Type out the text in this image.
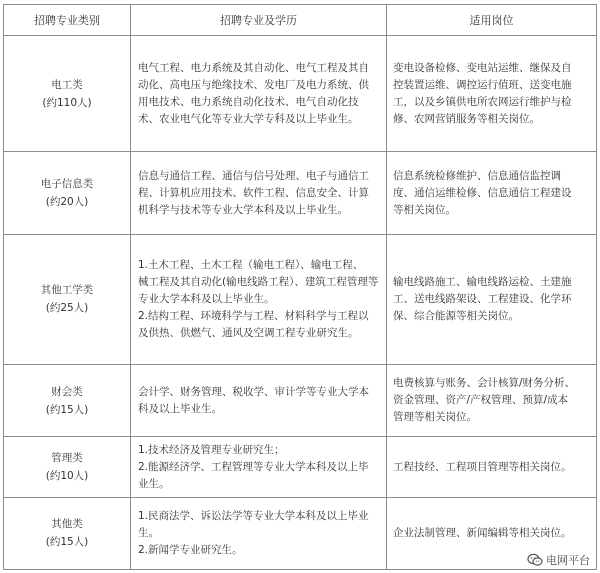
招聘专业类别	招聘专业及学历	适用岗位

电工类
(约110人)	电气工程、电力系统及其自动化、电气工程及其自
动化、高电压与绝缘技术、发电厂及电力系统、供
用电技术、电力系统自动化技术、电气自动化技
术、农业电气化等专业大学专科及以上毕业生。	变电设备检修、变电站运维、继保及自
控装置运维、调控运行值班、送变电施
工，以及乡镇供电所农网运行维护与检
修、农网营销服务等相关岗位。

电子信息类
(约20人)	信息与通信工程、通信与信号处理、电子与通信工
程、计算机应用技术、软件工程、信息安全、计算
机科学与技术等专业大学本科及以上毕业生。	信息系统检修维护、信息通信监控调
度、通信运维检修、信息通信工程建设
等相关岗位。

其他工学类
(约25人)	1.土木工程、土木工程（输电工程）、输电工程、
械工程及其自动化(输电线路工程）、建筑工程管理等
专业大学本科及以上毕业生。
2.结构工程、环境科学与工程、材料科学与工程以
及供热、供燃气、通风及空调工程专业研究生。	输电线路施工、输电线路运检、土建施
工、送电线路架设、工程建设、化学环
保、综合能源等相关岗位。

财会类
(约15人)	会计学、财务管理、税收学、审计学等专业大学本
科及以上毕业生。	电费核算与账务、会计核算/财务分析、
资金管理、资产/产权管理、预算/成本
管理等相关岗位。

管理类
(约10人)	1.技术经济及管理专业研究生；
2.能源经济学、工程管理等专业大学本科及以上毕
业生。	工程技经、工程项目管理等相关岗位。

其他类
(约15人)	1.民商法学、诉讼法学等专业大学本科及以上毕业
生。
2.新闻学专业研究生。	企业法制管理、新闻编辑等相关岗位。
电网平台
